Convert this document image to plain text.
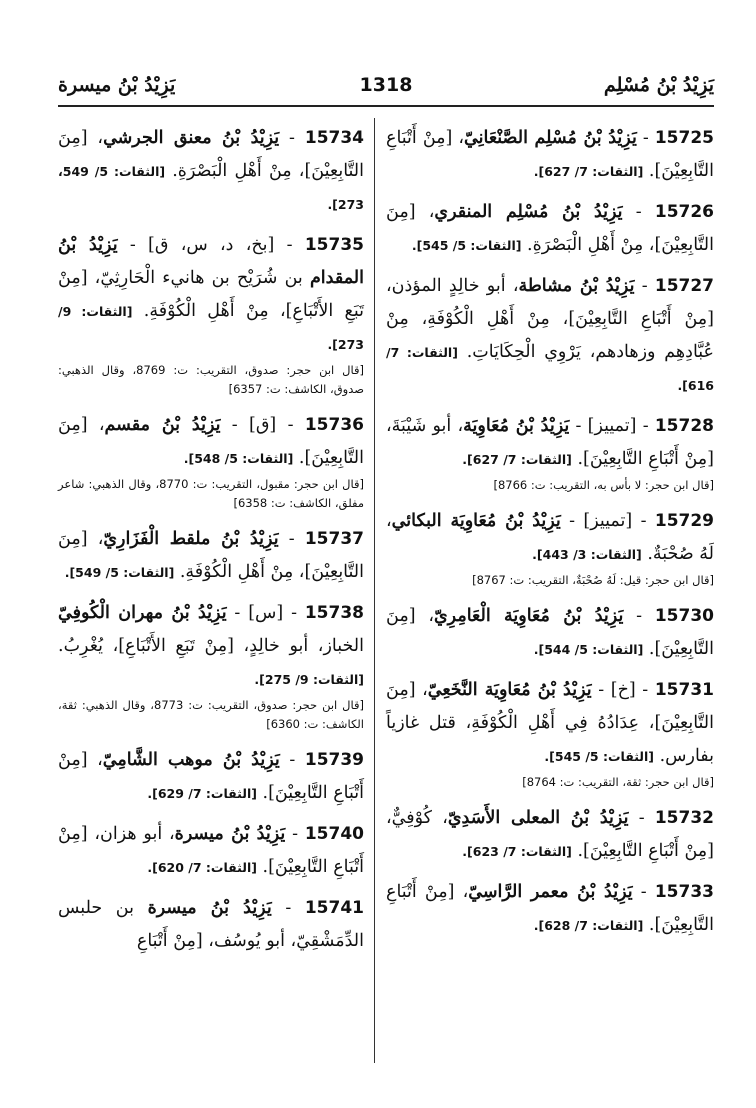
يَزِيْدُ بْنُ مُسْلِم
1318
يَزِيْدُ بْنُ ميسرة

15725 - يَزِيْدُ بْنُ مُسْلِم الصَّنْعَانِيّ، [مِنْ أَتْبَاعِ التَّابِعِيْنَ]. [الثقات: 7/ 627].

15726 - يَزِيْدُ بْنُ مُسْلِم المنقري، [مِنَ التَّابِعِيْنَ]، مِنْ أَهْلِ الْبَصْرَةِ. [الثقات: 5/ 545].

15727 - يَزِيْدُ بْنُ مشاطة، أبو خالِدٍ المؤذن، [مِنْ أَتْبَاعِ التَّابِعِيْنَ]، مِنْ أَهْلِ الْكُوْفَةِ، مِنْ عُبَّادِهِم وزهادهم، يَرْوِي الْحِكَايَاتِ. [الثقات: 7/ 616].

15728 - [تمييز] - يَزِيْدُ بْنُ مُعَاوِيَة، أبو شَيْبَةَ، [مِنْ أَتْبَاعِ التَّابِعِيْنَ]. [الثقات: 7/ 627].

[قال ابن حجر: لا بأس به، التقريب: ت: 8766]

15729 - [تمييز] - يَزِيْدُ بْنُ مُعَاوِيَة البكائي، لَهُ صُحْبَةٌ. [الثقات: 3/ 443].

[قال ابن حجر: قيل: لَهُ صُحْبَةٌ، التقريب: ت: 8767]

15730 - يَزِيْدُ بْنُ مُعَاوِيَة الْعَامِرِيّ، [مِنَ التَّابِعِيْنَ]. [الثقات: 5/ 544].

15731 - [خ] - يَزِيْدُ بْنُ مُعَاوِيَة النَّخَعِيّ، [مِنَ التَّابِعِيْنَ]، عِدَادُهُ فِي أَهْلِ الْكُوْفَةِ، قتل غازياً بفارس. [الثقات: 5/ 545].

[قال ابن حجر: ثقة، التقريب: ت: 8764]

15732 - يَزِيْدُ بْنُ المعلى الأَسَدِيّ، كُوْفِيٌّ، [مِنْ أَتْبَاعِ التَّابِعِيْنَ]. [الثقات: 7/ 623].

15733 - يَزِيْدُ بْنُ معمر الرَّاسِيّ، [مِنْ أَتْبَاعِ التَّابِعِيْنَ]. [الثقات: 7/ 628].

15734 - يَزِيْدُ بْنُ معنق الجرشي، [مِنَ التَّابِعِيْنَ]، مِنْ أَهْلِ الْبَصْرَةِ. [الثقات: 5/ 549، 273].

15735 - [بخ، د، س، ق] - يَزِيْدُ بْنُ المقدام بن شُرَيْح بن هانيء الْحَارِثِيّ، [مِنْ تَبَعِ الأَتْبَاعِ]، مِنْ أَهْلِ الْكُوْفَةِ. [الثقات: 9/ 273].

[قال ابن حجر: صدوق، التقريب: ت: 8769، وقال الذهبي: صدوق، الكاشف: ت: 6357]

15736 - [ق] - يَزِيْدُ بْنُ مقسم، [مِنَ التَّابِعِيْنَ]. [الثقات: 5/ 548].

[قال ابن حجر: مقبول، التقريب: ت: 8770، وقال الذهبي: شاعر مفلق، الكاشف: ت: 6358]

15737 - يَزِيْدُ بْنُ ملقط الْفَزَارِيّ، [مِنَ التَّابِعِيْنَ]، مِنْ أَهْلِ الْكُوْفَةِ. [الثقات: 5/ 549].

15738 - [س] - يَزِيْدُ بْنُ مهران الْكُوفِيّ الخباز، أبو خالِدٍ، [مِنْ تَبَعِ الأَتْبَاعِ]، يُغْرِبُ. [الثقات: 9/ 275].

[قال ابن حجر: صدوق، التقريب: ت: 8773، وقال الذهبي: ثقة، الكاشف: ت: 6360]

15739 - يَزِيْدُ بْنُ موهب الشَّامِيّ، [مِنْ أَتْبَاعِ التَّابِعِيْنَ]. [الثقات: 7/ 629].

15740 - يَزِيْدُ بْنُ ميسرة، أبو هزان، [مِنْ أَتْبَاعِ التَّابِعِيْنَ]. [الثقات: 7/ 620].

15741 - يَزِيْدُ بْنُ ميسرة بن حلبس الدِّمَشْقِيّ، أبو يُوسُف، [مِنْ أَتْبَاعِ
